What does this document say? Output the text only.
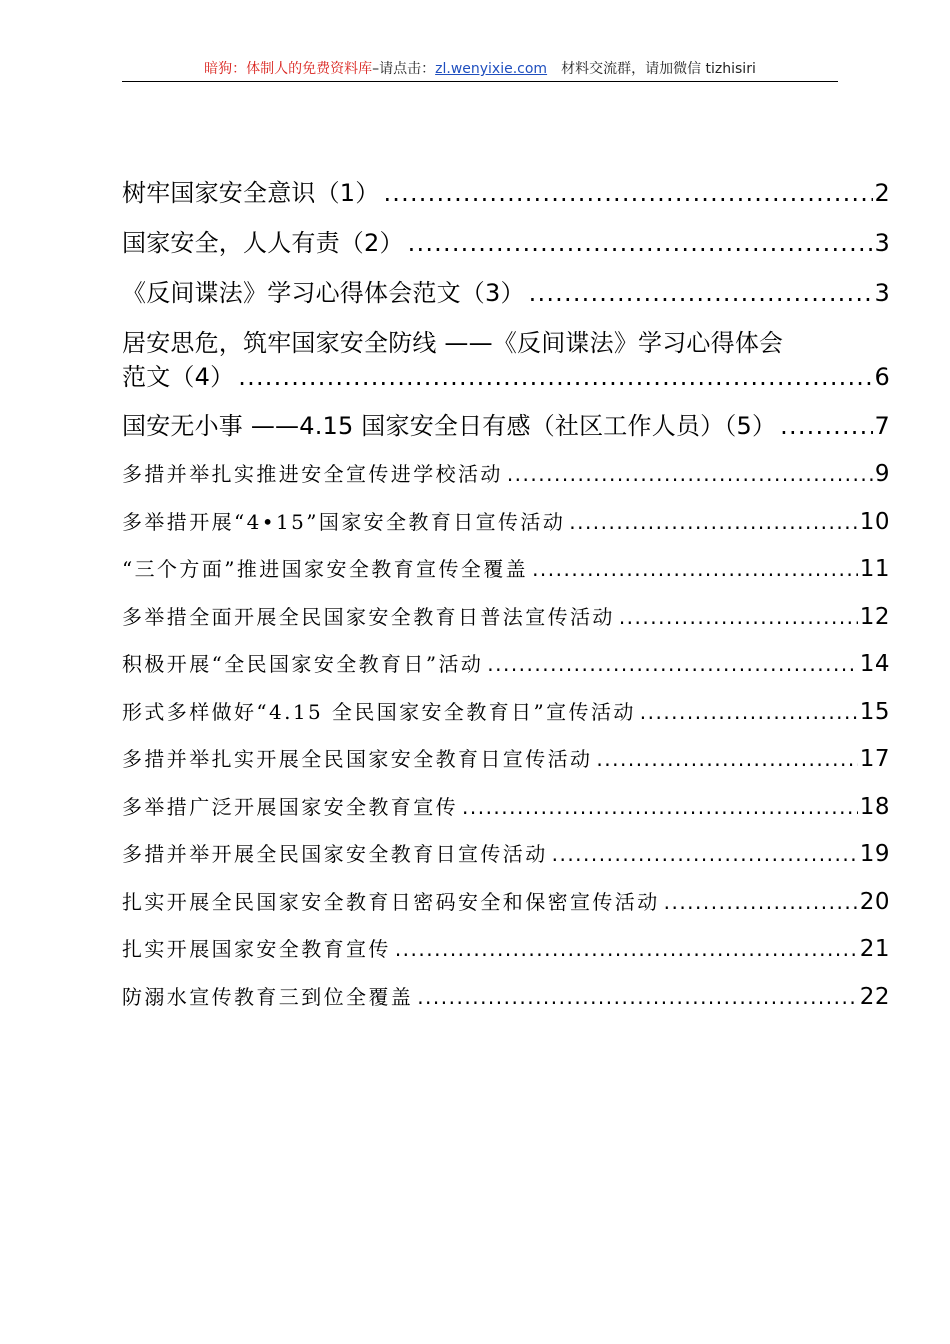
暗狗：体制人的免费资料库–请点击：zl.wenyixie.com 材料交流群，请加微信 tizhisiri
树牢国家安全意识（1） .....	2
国家安全，人人有责（2） .....	3
《反间谍法》学习心得体会范文（3） .....	3
居安思危，筑牢国家安全防线 ——《反间谍法》学习心得体会
范文（4） .....	6
国安无小事 ——4.15 国家安全日有感（社区工作人员）（5） .....	7
多措并举扎实推进安全宣传进学校活动 .....	9
多举措开展“4•15”国家安全教育日宣传活动 .....	10
“三个方面”推进国家安全教育宣传全覆盖 .....	11
多举措全面开展全民国家安全教育日普法宣传活动 .....	12
积极开展“全民国家安全教育日”活动 .....	14
形式多样做好“4.15 全民国家安全教育日”宣传活动 .....	15
多措并举扎实开展全民国家安全教育日宣传活动 .....	17
多举措广泛开展国家安全教育宣传 .....	18
多措并举开展全民国家安全教育日宣传活动 .....	19
扎实开展全民国家安全教育日密码安全和保密宣传活动 .....	20
扎实开展国家安全教育宣传 .....	21
防溺水宣传教育三到位全覆盖 .....	22
